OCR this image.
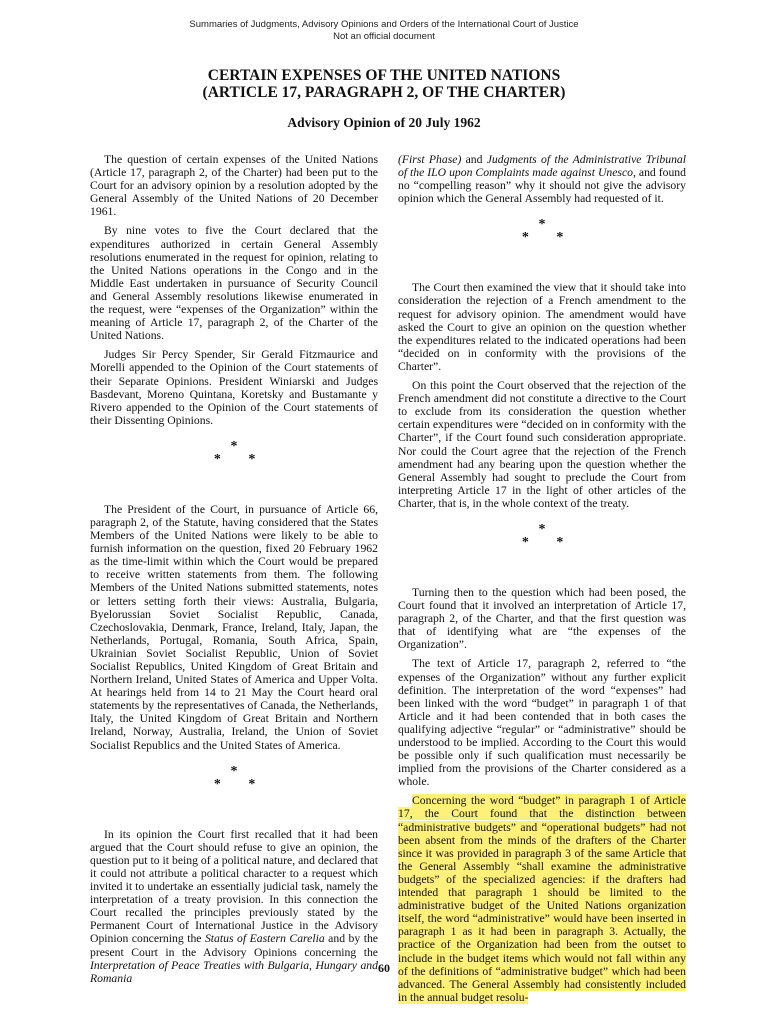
Summaries of Judgments, Advisory Opinions and Orders of the International Court of Justice
Not an official document
CERTAIN EXPENSES OF THE UNITED NATIONS
(ARTICLE 17, PARAGRAPH 2, OF THE CHARTER)
Advisory Opinion of 20 July 1962

The question of certain expenses of the United Nations (Article 17, paragraph 2, of the Charter) had been put to the Court for an advisory opinion by a resolution adopted by the General Assembly of the United Nations of 20 December 1961.

By nine votes to five the Court declared that the expenditures authorized in certain General Assembly resolutions enumerated in the request for opinion, relating to the United Nations operations in the Congo and in the Middle East undertaken in pursuance of Security Council and General Assembly resolutions likewise enumerated in the request, were “expenses of the Organization” within the meaning of Article 17, paragraph 2, of the Charter of the United Nations.

Judges Sir Percy Spender, Sir Gerald Fitzmaurice and Morelli appended to the Opinion of the Court statements of their Separate Opinions. President Winiarski and Judges Basdevant, Moreno Quintana, Koretsky and Bustamante y Rivero appended to the Opinion of the Court statements of their Dissenting Opinions.

*
* *

The President of the Court, in pursuance of Article 66, paragraph 2, of the Statute, having considered that the States Members of the United Nations were likely to be able to furnish information on the question, fixed 20 February 1962 as the time-limit within which the Court would be prepared to receive written statements from them. The following Members of the United Nations submitted statements, notes or letters setting forth their views: Australia, Bulgaria, Byelorussian Soviet Socialist Republic, Canada, Czechoslovakia, Denmark, France, Ireland, Italy, Japan, the Netherlands, Portugal, Romania, South Africa, Spain, Ukrainian Soviet Socialist Republic, Union of Soviet Socialist Republics, United Kingdom of Great Britain and Northern Ireland, United States of America and Upper Volta. At hearings held from 14 to 21 May the Court heard oral statements by the representatives of Canada, the Netherlands, Italy, the United Kingdom of Great Britain and Northern Ireland, Norway, Australia, Ireland, the Union of Soviet Socialist Republics and the United States of America.

*
* *

In its opinion the Court first recalled that it had been argued that the Court should refuse to give an opinion, the question put to it being of a political nature, and declared that it could not attribute a political character to a request which invited it to undertake an essentially judicial task, namely the interpretation of a treaty provision. In this connection the Court recalled the principles previously stated by the Permanent Court of International Justice in the Advisory Opinion concerning the Status of Eastern Carelia and by the present Court in the Advisory Opinions concerning the Interpretation of Peace Treaties with Bulgaria, Hungary and Romania

(First Phase) and Judgments of the Administrative Tribunal of the ILO upon Complaints made against Unesco, and found no “compelling reason” why it should not give the advisory opinion which the General Assembly had requested of it.

*
* *

The Court then examined the view that it should take into consideration the rejection of a French amendment to the request for advisory opinion. The amendment would have asked the Court to give an opinion on the question whether the expenditures related to the indicated operations had been “decided on in conformity with the provisions of the Charter”.

On this point the Court observed that the rejection of the French amendment did not constitute a directive to the Court to exclude from its consideration the question whether certain expenditures were “decided on in conformity with the Charter”, if the Court found such consideration appropriate. Nor could the Court agree that the rejection of the French amendment had any bearing upon the question whether the General Assembly had sought to preclude the Court from interpreting Article 17 in the light of other articles of the Charter, that is, in the whole context of the treaty.

*
* *

Turning then to the question which had been posed, the Court found that it involved an interpretation of Article 17, paragraph 2, of the Charter, and that the first question was that of identifying what are “the expenses of the Organization”.

The text of Article 17, paragraph 2, referred to “the expenses of the Organization” without any further explicit definition. The interpretation of the word “expenses” had been linked with the word “budget” in paragraph 1 of that Article and it had been contended that in both cases the qualifying adjective “regular” or “administrative” should be understood to be implied. According to the Court this would be possible only if such qualification must necessarily be implied from the provisions of the Charter considered as a whole.

Concerning the word “budget” in paragraph 1 of Article 17, the Court found that the distinction between “administrative budgets” and “operational budgets” had not been absent from the minds of the drafters of the Charter since it was provided in paragraph 3 of the same Article that the General Assembly “shall examine the administrative budgets” of the specialized agencies: if the drafters had intended that paragraph 1 should be limited to the administrative budget of the United Nations organization itself, the word “administrative” would have been inserted in paragraph 1 as it had been in paragraph 3. Actually, the practice of the Organization had been from the outset to include in the budget items which would not fall within any of the definitions of “administrative budget” which had been advanced. The General Assembly had consistently included in the annual budget resolu-

60
